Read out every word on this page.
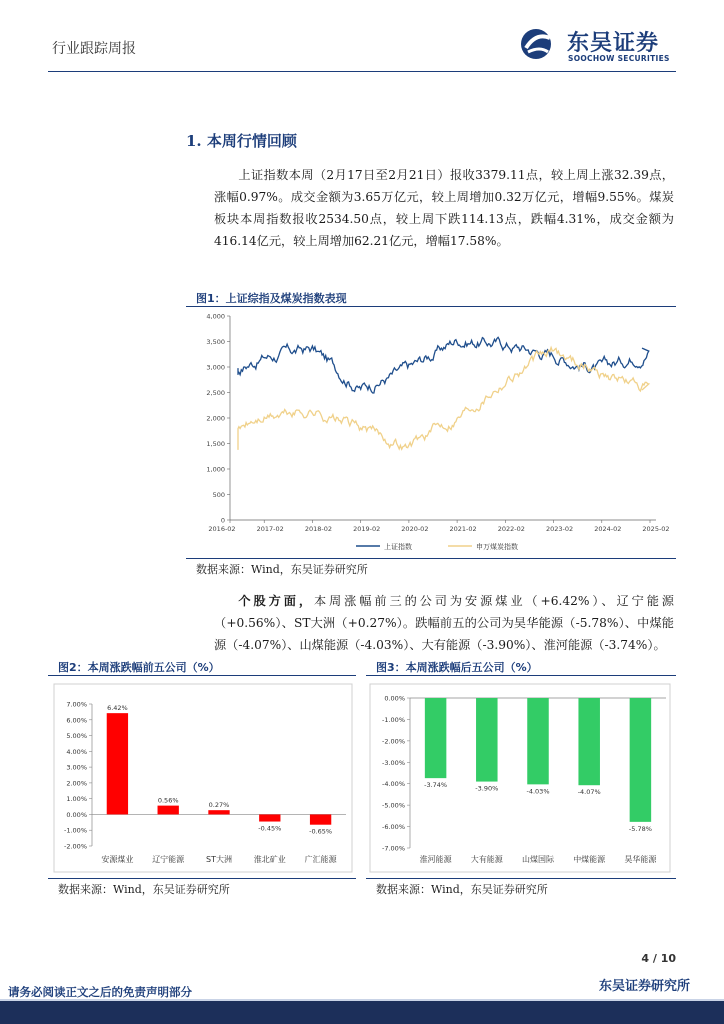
行业跟踪周报	东吴证券
SOOCHOW SECURITIES
1. 本周行情回顾

上证指数本周（2月17日至2月21日）报收3379.11点，较上周上涨32.39点，涨幅0.97%。成交金额为3.65万亿元，较上周增加0.32万亿元，增幅9.55%。煤炭板块本周指数报收2534.50点，较上周下跌114.13点，跌幅4.31%，成交金额为416.14亿元，较上周增加62.21亿元，增幅17.58%。

图1：上证综指及煤炭指数表现
0
500
1,000
1,500
2,000
2,500
3,000
3,500
4,000
2016-02	2017-02	2018-02	2019-02	2020-02	2021-02	2022-02	2023-02	2024-02	2025-02
上证指数	申万煤炭指数
数据来源：Wind，东吴证券研究所

个股方面，本周涨幅前三的公司为安源煤业（+6.42%）、辽宁能源（+0.56%）、ST大洲（+0.27%）。跌幅前五的公司为昊华能源（-5.78%）、中煤能源（-4.07%）、山煤能源（-4.03%）、大有能源（-3.90%）、淮河能源（-3.74%）。

图2：本周涨跌幅前五公司（%）
7.00%
6.00%
5.00%
4.00%
3.00%
2.00%
1.00%
0.00%
-1.00%
-2.00%
6.42%
安源煤业
0.56%
辽宁能源
0.27%
ST大洲
-0.45%
淮北矿业
-0.65%
广汇能源
数据来源：Wind，东吴证券研究所
图3：本周涨跌幅后五公司（%）
0.00%
-1.00%
-2.00%
-3.00%
-4.00%
-5.00%
-6.00%
-7.00%
-3.74%
淮河能源
-3.90%
大有能源
-4.03%
山煤国际
-4.07%
中煤能源
-5.78%
昊华能源
数据来源：Wind，东吴证券研究所
4 / 10
东吴证券研究所
请务必阅读正文之后的免责声明部分
